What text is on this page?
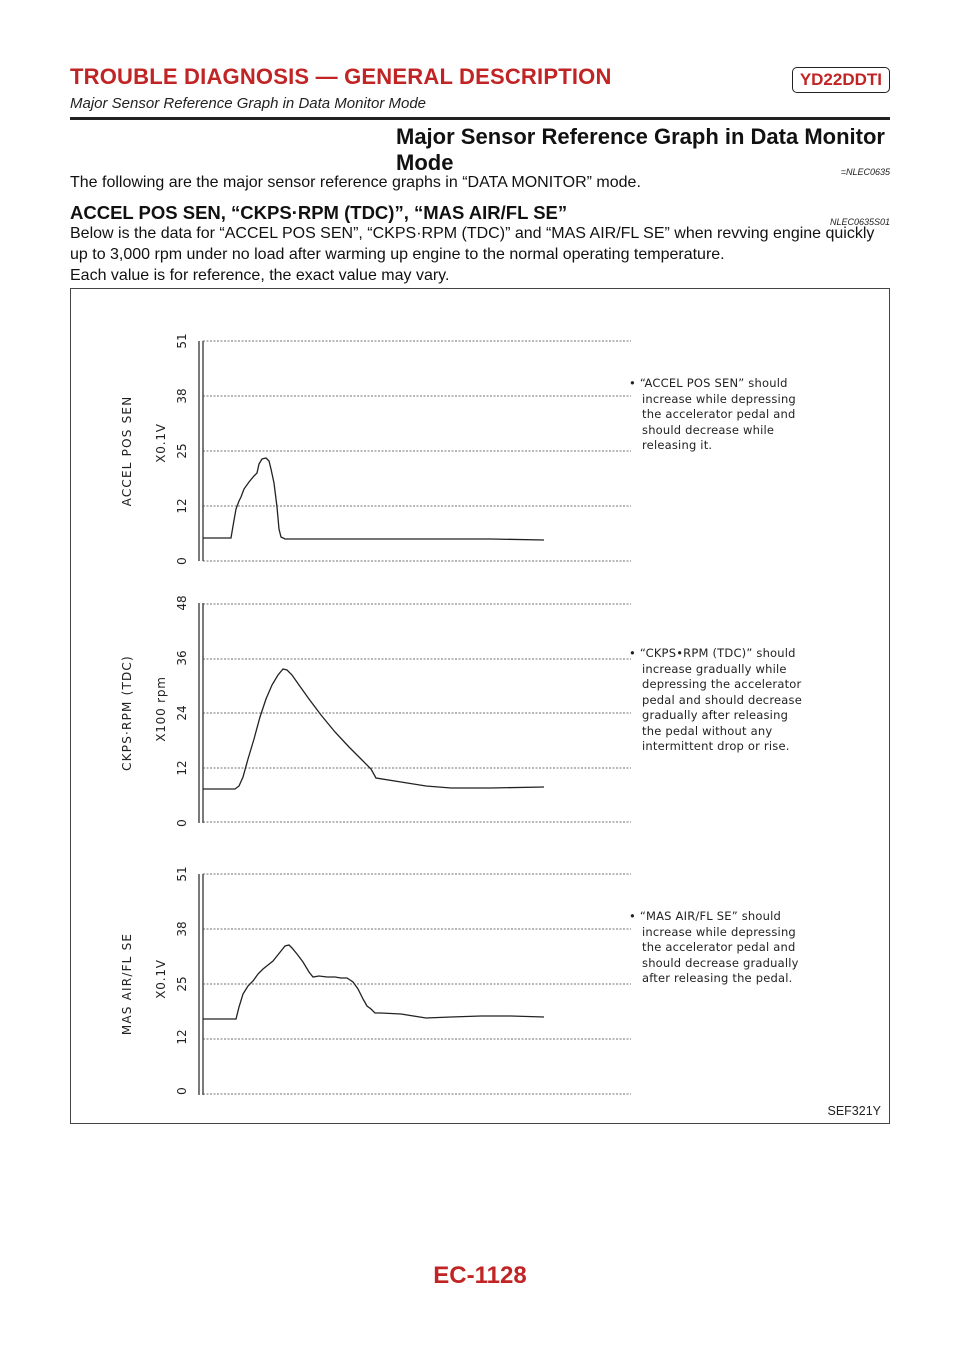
TROUBLE DIAGNOSIS — GENERAL DESCRIPTION
Major Sensor Reference Graph in Data Monitor Mode
YD22DDTI
Major Sensor Reference Graph in Data Monitor Mode	=NLEC0635
The following are the major sensor reference graphs in “DATA MONITOR” mode.
ACCEL POS SEN, “CKPS·RPM (TDC)”, “MAS AIR/FL SE”	NLEC0635S01
Below is the data for “ACCEL POS SEN”, “CKPS·RPM (TDC)” and “MAS AIR/FL SE” when revving engine quickly up to 3,000 rpm under no load after warming up engine to the normal operating temperature.
Each value is for reference, the exact value may vary.
ACCEL POS SEN X0.1V
0
12
25
38
51
CKPS·RPM (TDC) X100 rpm
0
12
24
36
48
MAS AIR/FL SE X0.1V
0
12
25
38
51
• “ACCEL POS SEN” should
increase while depressing
the accelerator pedal and
should decrease while
releasing it.
• “CKPS•RPM (TDC)” should
increase gradually while
depressing the accelerator
pedal and should decrease
gradually after releasing
the pedal without any
intermittent drop or rise.
• “MAS AIR/FL SE” should
increase while depressing
the accelerator pedal and
should decrease gradually
after releasing the pedal.
SEF321Y
EC-1128
